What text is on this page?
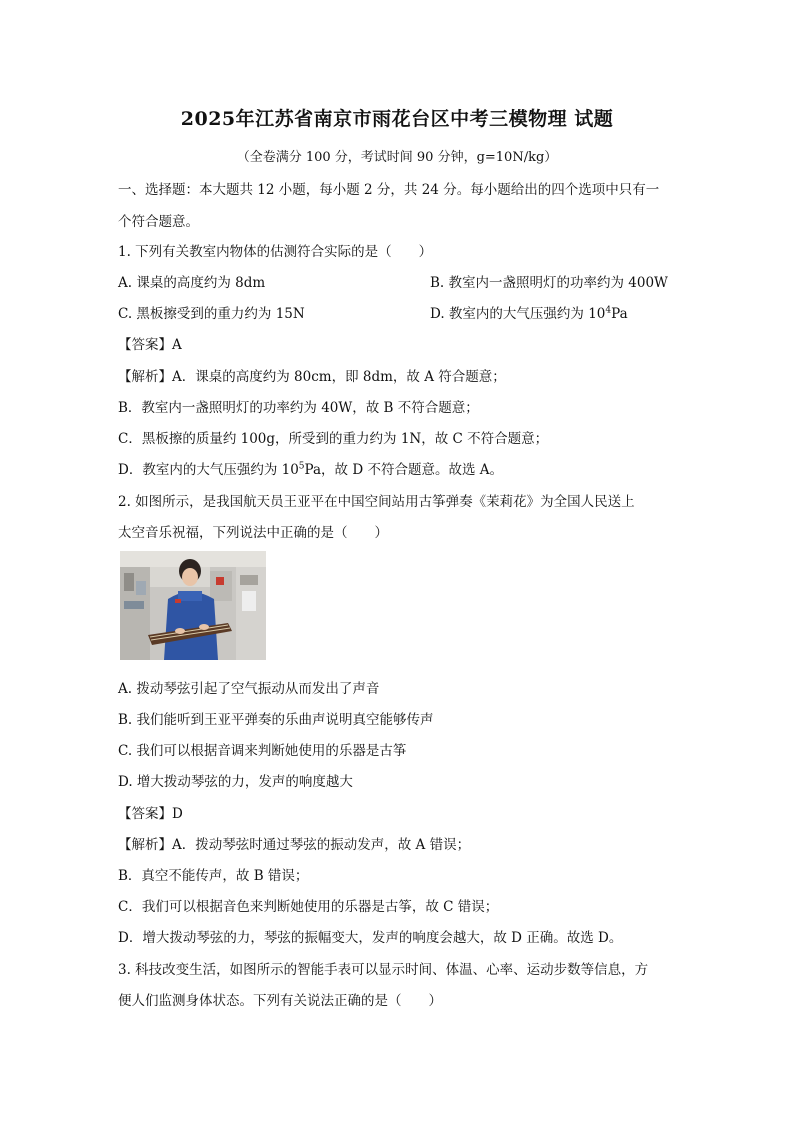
2025年江苏省南京市雨花台区中考三模物理 试题
（全卷满分 100 分，考试时间 90 分钟，g=10N/kg）
一、选择题：本大题共 12 小题，每小题 2 分，共 24 分。每小题给出的四个选项中只有一
个符合题意。
1. 下列有关教室内物体的估测符合实际的是（　　）
A. 课桌的高度约为 8dm	B. 教室内一盏照明灯的功率约为 400W
C. 黑板擦受到的重力约为 15N	D. 教室内的大气压强约为 $10^4Pa$
【答案】A
【解析】A．课桌的高度约为 80cm，即 8dm，故 A 符合题意；
B．教室内一盏照明灯的功率约为 40W，故 B 不符合题意；
C．黑板擦的质量约 100g，所受到的重力约为 1N，故 C 不符合题意；
D．教室内的大气压强约为 $10^5Pa$，故 D 不符合题意。故选 A。
2. 如图所示，是我国航天员王亚平在中国空间站用古筝弹奏《茉莉花》为全国人民送上
太空音乐祝福，下列说法中正确的是（　　）
A. 拨动琴弦引起了空气振动从而发出了声音
B. 我们能听到王亚平弹奏的乐曲声说明真空能够传声
C. 我们可以根据音调来判断她使用的乐器是古筝
D. 增大拨动琴弦的力，发声的响度越大
【答案】D
【解析】A．拨动琴弦时通过琴弦的振动发声，故 A 错误；
B．真空不能传声，故 B 错误；
C．我们可以根据音色来判断她使用的乐器是古筝，故 C 错误；
D．增大拨动琴弦的力，琴弦的振幅变大，发声的响度会越大，故 D 正确。故选 D。
3. 科技改变生活，如图所示的智能手表可以显示时间、体温、心率、运动步数等信息，方
便人们监测身体状态。下列有关说法正确的是（　　）
